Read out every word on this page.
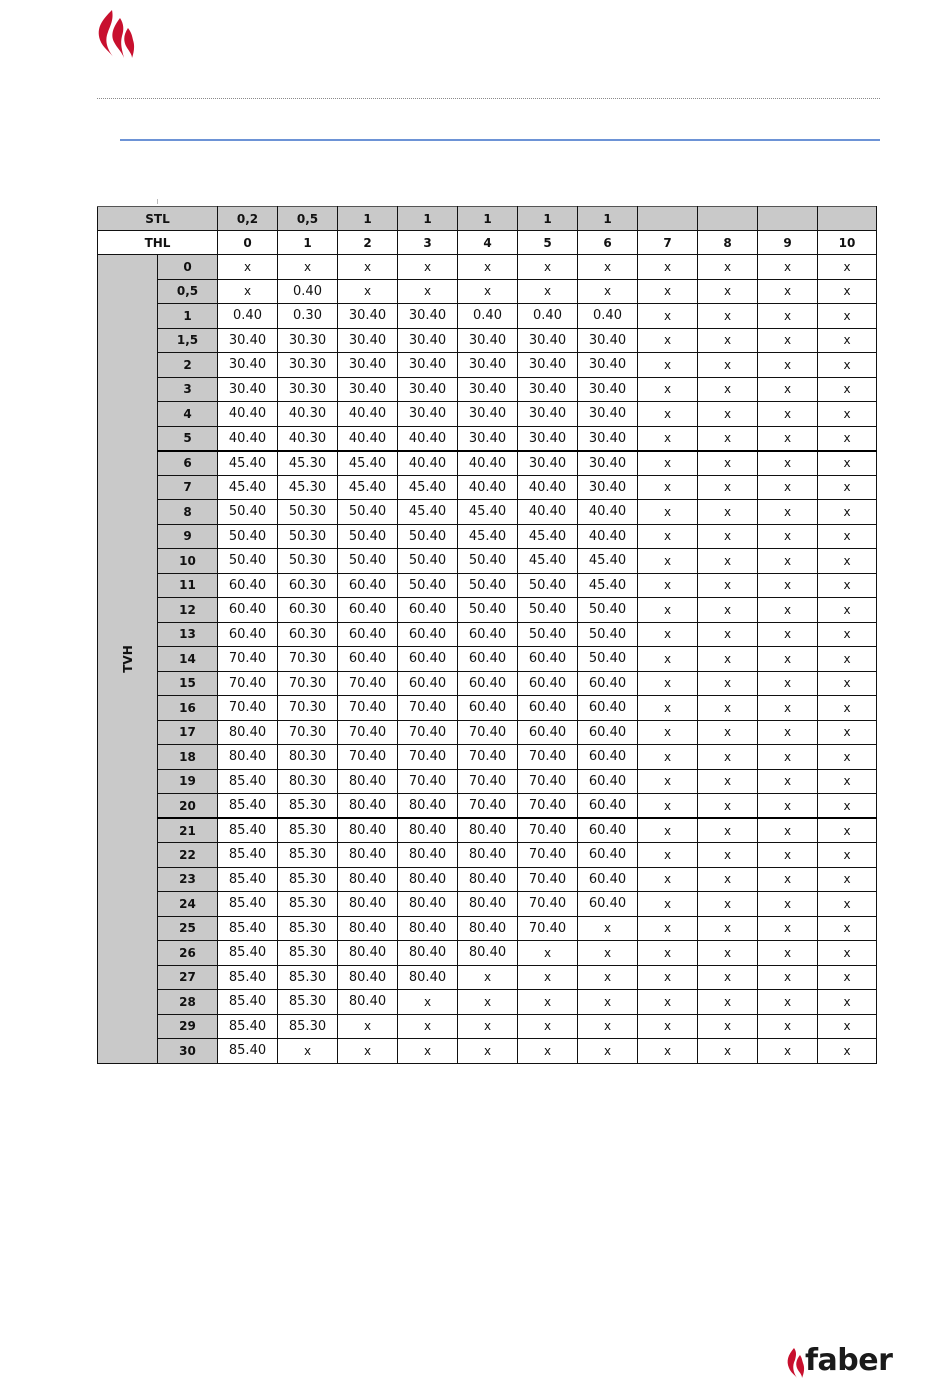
STL		0,2	0,5	1	1	1	1	1				
THL		0	1	2	3	4	5	6	7	8	9	10
TVH	0	x	x	x	x	x	x	x	x	x	x	x
	0,5	x	0.40	x	x	x	x	x	x	x	x	x
	1	0.40	0.30	30.40	30.40	0.40	0.40	0.40	x	x	x	x
	1,5	30.40	30.30	30.40	30.40	30.40	30.40	30.40	x	x	x	x
	2	30.40	30.30	30.40	30.40	30.40	30.40	30.40	x	x	x	x
	3	30.40	30.30	30.40	30.40	30.40	30.40	30.40	x	x	x	x
	4	40.40	40.30	40.40	30.40	30.40	30.40	30.40	x	x	x	x
	5	40.40	40.30	40.40	40.40	30.40	30.40	30.40	x	x	x	x
	6	45.40	45.30	45.40	40.40	40.40	30.40	30.40	x	x	x	x
	7	45.40	45.30	45.40	45.40	40.40	40.40	30.40	x	x	x	x
	8	50.40	50.30	50.40	45.40	45.40	40.40	40.40	x	x	x	x
	9	50.40	50.30	50.40	50.40	45.40	45.40	40.40	x	x	x	x
	10	50.40	50.30	50.40	50.40	50.40	45.40	45.40	x	x	x	x
	11	60.40	60.30	60.40	50.40	50.40	50.40	45.40	x	x	x	x
	12	60.40	60.30	60.40	60.40	50.40	50.40	50.40	x	x	x	x
	13	60.40	60.30	60.40	60.40	60.40	50.40	50.40	x	x	x	x
	14	70.40	70.30	60.40	60.40	60.40	60.40	50.40	x	x	x	x
	15	70.40	70.30	70.40	60.40	60.40	60.40	60.40	x	x	x	x
	16	70.40	70.30	70.40	70.40	60.40	60.40	60.40	x	x	x	x
	17	80.40	70.30	70.40	70.40	70.40	60.40	60.40	x	x	x	x
	18	80.40	80.30	70.40	70.40	70.40	70.40	60.40	x	x	x	x
	19	85.40	80.30	80.40	70.40	70.40	70.40	60.40	x	x	x	x
	20	85.40	85.30	80.40	80.40	70.40	70.40	60.40	x	x	x	x
	21	85.40	85.30	80.40	80.40	80.40	70.40	60.40	x	x	x	x
	22	85.40	85.30	80.40	80.40	80.40	70.40	60.40	x	x	x	x
	23	85.40	85.30	80.40	80.40	80.40	70.40	60.40	x	x	x	x
	24	85.40	85.30	80.40	80.40	80.40	70.40	60.40	x	x	x	x
	25	85.40	85.30	80.40	80.40	80.40	70.40	x	x	x	x	x
	26	85.40	85.30	80.40	80.40	80.40	x	x	x	x	x	x
	27	85.40	85.30	80.40	80.40	x	x	x	x	x	x	x
	28	85.40	85.30	80.40	x	x	x	x	x	x	x	x
	29	85.40	85.30	x	x	x	x	x	x	x	x	x
	30	85.40	x	x	x	x	x	x	x	x	x	x
faber
